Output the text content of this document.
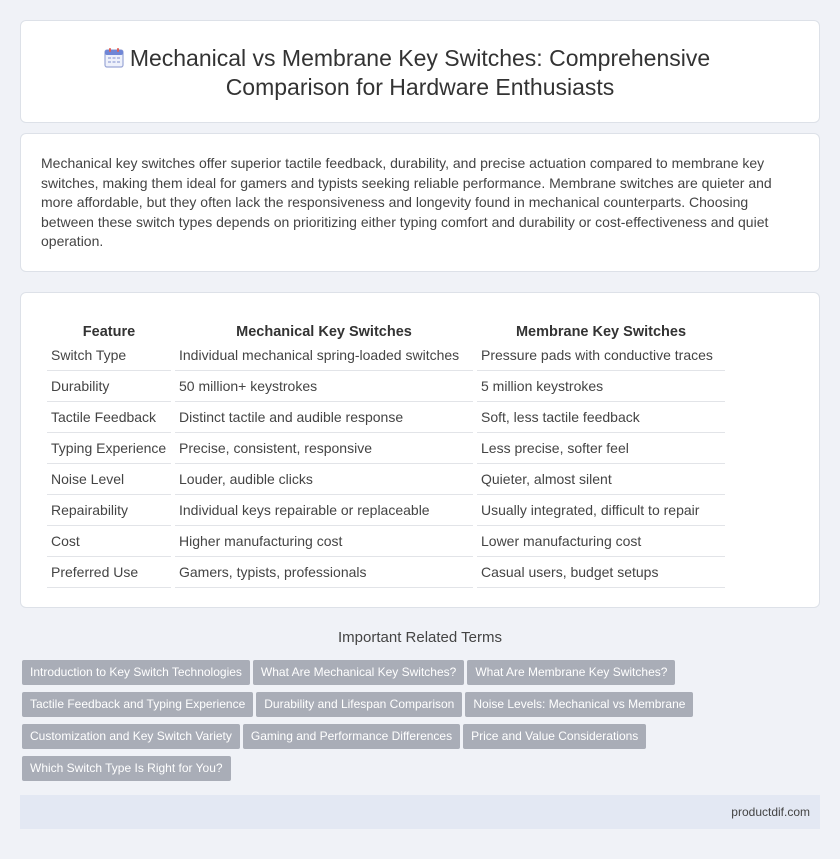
Mechanical vs Membrane Key Switches: Comprehensive
Comparison for Hardware Enthusiasts

Mechanical key switches offer superior tactile feedback, durability, and precise actuation compared to membrane key switches, making them ideal for gamers and typists seeking reliable performance. Membrane switches are quieter and more affordable, but they often lack the responsiveness and longevity found in mechanical counterparts. Choosing between these switch types depends on prioritizing either typing comfort and durability or cost-effectiveness and quiet operation.

Feature	Mechanical Key Switches	Membrane Key Switches
Switch Type	Individual mechanical spring-loaded switches	Pressure pads with conductive traces
Durability	50 million+ keystrokes	5 million keystrokes
Tactile Feedback	Distinct tactile and audible response	Soft, less tactile feedback
Typing Experience	Precise, consistent, responsive	Less precise, softer feel
Noise Level	Louder, audible clicks	Quieter, almost silent
Repairability	Individual keys repairable or replaceable	Usually integrated, difficult to repair
Cost	Higher manufacturing cost	Lower manufacturing cost
Preferred Use	Gamers, typists, professionals	Casual users, budget setups
Important Related Terms
Introduction to Key Switch Technologies What Are Mechanical Key Switches? What Are Membrane Key Switches?
Tactile Feedback and Typing Experience Durability and Lifespan Comparison Noise Levels: Mechanical vs Membrane
Customization and Key Switch Variety Gaming and Performance Differences Price and Value Considerations
Which Switch Type Is Right for You?
productdif.com
